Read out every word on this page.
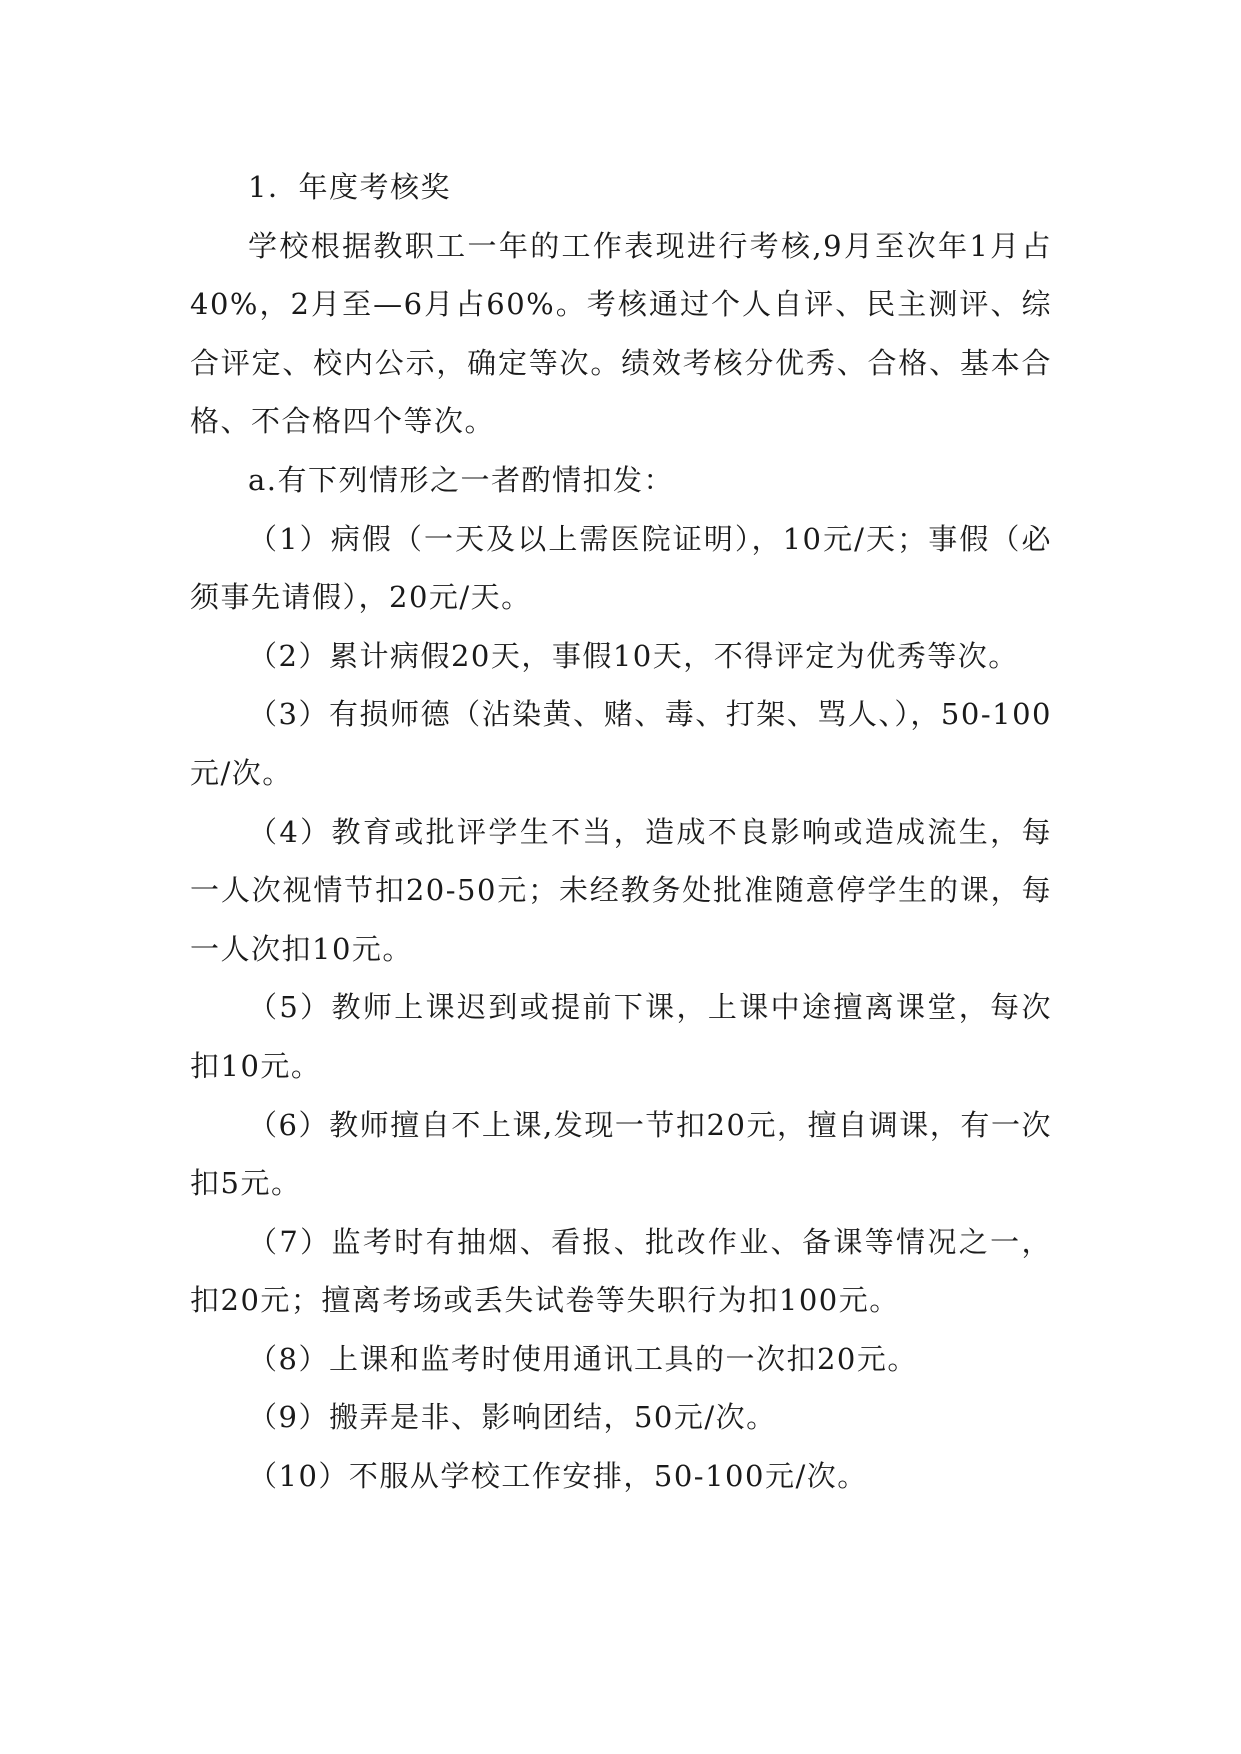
1．年度考核奖

学校根据教职工一年的工作表现进行考核,9月至次年1月占40%，2月至—6月占60%。考核通过个人自评、民主测评、综合评定、校内公示，确定等次。绩效考核分优秀、合格、基本合格、不合格四个等次。

a.有下列情形之一者酌情扣发：

（1）病假（一天及以上需医院证明），10元/天；事假（必须事先请假），20元/天。

（2）累计病假20天，事假10天，不得评定为优秀等次。

（3）有损师德（沾染黄、赌、毒、打架、骂人、），50-100元/次。

（4）教育或批评学生不当，造成不良影响或造成流生，每一人次视情节扣20-50元；未经教务处批准随意停学生的课，每一人次扣10元。

（5）教师上课迟到或提前下课，上课中途擅离课堂，每次扣10元。

（6）教师擅自不上课,发现一节扣20元，擅自调课，有一次扣5元。

（7）监考时有抽烟、看报、批改作业、备课等情况之一，扣20元；擅离考场或丢失试卷等失职行为扣100元。

（8）上课和监考时使用通讯工具的一次扣20元。

（9）搬弄是非、影响团结，50元/次。

（10）不服从学校工作安排，50-100元/次。
